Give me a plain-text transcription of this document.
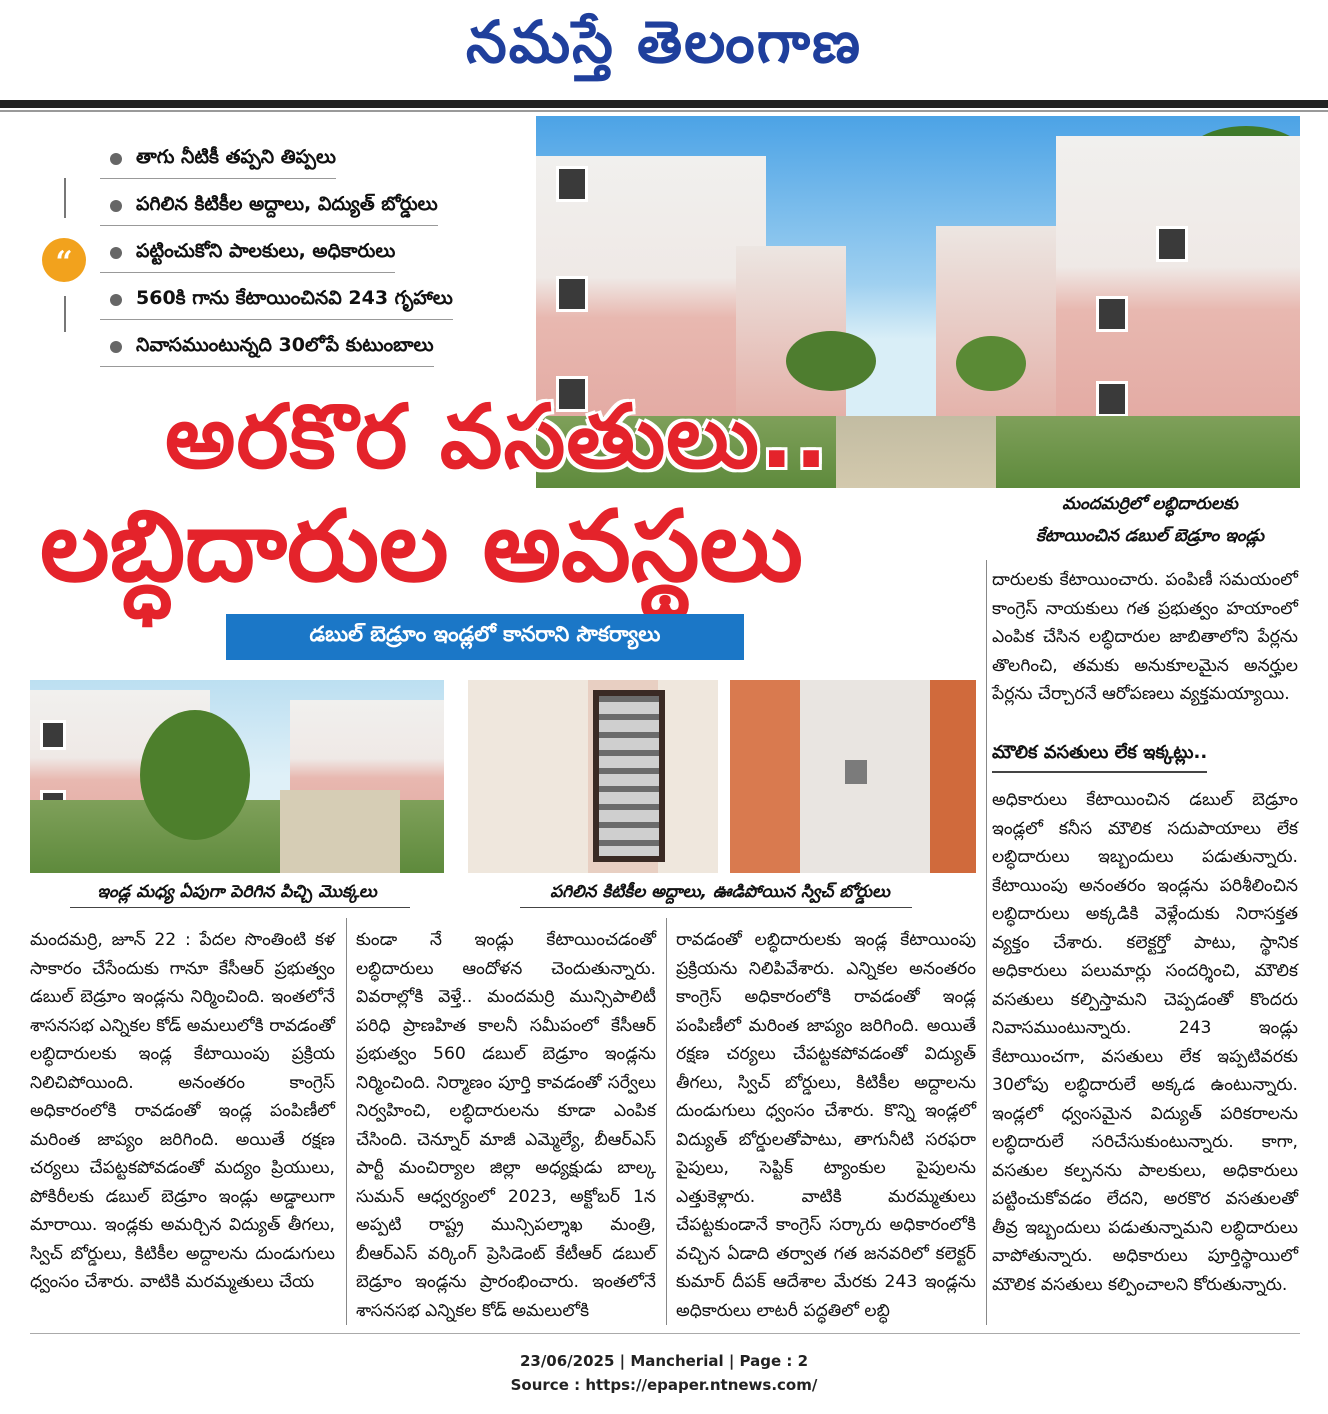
నమస్తే తెలంగాణ
“
తాగు నీటికీ తప్పని తిప్పలు
పగిలిన కిటికీల అద్దాలు, విద్యుత్ బోర్డులు
పట్టించుకోని పాలకులు, అధికారులు
560కి గాను కేటాయించినవి 243 గృహాలు
నివాసముంటున్నది 30లోపే కుటుంబాలు
మందమర్రిలో లబ్ధిదారులకు
కేటాయించిన డబుల్ బెడ్రూం ఇండ్లు
అరకొర వసతులు..
లబ్ధిదారుల అవస్థలు
డబుల్ బెడ్రూం ఇండ్లలో కానరాని సౌకర్యాలు
ఇండ్ల మధ్య ఏపుగా పెరిగిన పిచ్చి మొక్కలు	పగిలిన కిటికీల అద్దాలు, ఊడిపోయిన స్విచ్ బోర్డులు

దారులకు కేటాయించారు. పంపిణీ సమయంలో కాంగ్రెస్ నాయకులు గత ప్రభుత్వం హయాంలో ఎంపిక చేసిన లబ్ధిదారుల జాబితాలోని పేర్లను తొలగించి, తమకు అనుకూలమైన అనర్హుల పేర్లను చేర్చారనే ఆరోపణలు వ్యక్తమయ్యాయి.

మౌలిక వసతులు లేక ఇక్కట్లు..

అధికారులు కేటాయించిన డబుల్ బెడ్రూం ఇండ్లలో కనీస మౌలిక సదుపాయాలు లేక లబ్ధిదారులు ఇబ్బందులు పడుతున్నారు. కేటాయింపు అనంతరం ఇండ్లను పరిశీలించిన లబ్ధిదారులు అక్కడికి వెళ్లేందుకు నిరాసక్తత వ్యక్తం చేశారు. కలెక్టర్తో పాటు, స్థానిక అధికారులు పలుమార్లు సందర్శించి, మౌలిక వసతులు కల్పిస్తామని చెప్పడంతో కొందరు నివాసముంటున్నారు. 243 ఇండ్లు కేటాయించగా, వసతులు లేక ఇప్పటివరకు 30లోపు లబ్ధిదారులే అక్కడ ఉంటున్నారు. ఇండ్లలో ధ్వంసమైన విద్యుత్ పరికరాలను లబ్ధిదారులే సరిచేసుకుంటున్నారు. కాగా, వసతుల కల్పనను పాలకులు, అధికారులు పట్టించుకోవడం లేదని, అరకొర వసతులతో తీవ్ర ఇబ్బందులు పడుతున్నామని లబ్ధిదారులు వాపోతున్నారు. అధికారులు పూర్తిస్థాయిలో మౌలిక వసతులు కల్పించాలని కోరుతున్నారు.

మందమర్రి, జూన్ 22 : పేదల సొంతింటి కళ సాకారం చేసేందుకు గానూ కేసీఆర్ ప్రభుత్వం డబుల్ బెడ్రూం ఇండ్లను నిర్మించింది. ఇంతలోనే శాసనసభ ఎన్నికల కోడ్ అమలులోకి రావడంతో లబ్ధిదారులకు ఇండ్ల కేటాయింపు ప్రక్రియ నిలిచిపోయింది. అనంతరం కాంగ్రెస్ అధికారంలోకి రావడంతో ఇండ్ల పంపిణీలో మరింత జాప్యం జరిగింది. అయితే రక్షణ చర్యలు చేపట్టకపోవడంతో మద్యం ప్రియులు, పోకిరీలకు డబుల్ బెడ్రూం ఇండ్లు అడ్డాలుగా మారాయి. ఇండ్లకు అమర్చిన విద్యుత్ తీగలు, స్విచ్ బోర్డులు, కిటికీల అద్దాలను దుండుగులు ధ్వంసం చేశారు. వాటికి మరమ్మతులు చేయ

కుండా నే ఇండ్లు కేటాయించడంతో లబ్ధిదారులు ఆందోళన చెందుతున్నారు. వివరాల్లోకి వెళ్తే.. మందమర్రి మున్సిపాలిటీ పరిధి ప్రాణహిత కాలనీ సమీపంలో కేసీఆర్ ప్రభుత్వం 560 డబుల్ బెడ్రూం ఇండ్లను నిర్మించింది. నిర్మాణం పూర్తి కావడంతో సర్వేలు నిర్వహించి, లబ్ధిదారులను కూడా ఎంపిక చేసింది. చెన్నూర్ మాజీ ఎమ్మెల్యే, బీఆర్ఎస్ పార్టీ మంచిర్యాల జిల్లా అధ్యక్షుడు బాల్క సుమన్ ఆధ్వర్యంలో 2023, అక్టోబర్ 1న అప్పటి రాష్ట్ర మున్సిపల్శాఖ మంత్రి, బీఆర్ఎస్ వర్కింగ్ ప్రెసిడెంట్ కేటీఆర్ డబుల్ బెడ్రూం ఇండ్లను ప్రారంభించారు. ఇంతలోనే శాసనసభ ఎన్నికల కోడ్ అమలులోకి

రావడంతో లబ్ధిదారులకు ఇండ్ల కేటాయింపు ప్రక్రియను నిలిపివేశారు. ఎన్నికల అనంతరం కాంగ్రెస్ అధికారంలోకి రావడంతో ఇండ్ల పంపిణీలో మరింత జాప్యం జరిగింది. అయితే రక్షణ చర్యలు చేపట్టకపోవడంతో విద్యుత్ తీగలు, స్విచ్ బోర్డులు, కిటికీల అద్దాలను దుండుగులు ధ్వంసం చేశారు. కొన్ని ఇండ్లలో విద్యుత్ బోర్డులతోపాటు, తాగునీటి సరఫరా పైపులు, సెప్టిక్ ట్యాంకుల పైపులను ఎత్తుకెళ్లారు. వాటికి మరమ్మతులు చేపట్టకుండానే కాంగ్రెస్ సర్కారు అధికారంలోకి వచ్చిన ఏడాది తర్వాత గత జనవరిలో కలెక్టర్ కుమార్ దీపక్ ఆదేశాల మేరకు 243 ఇండ్లను అధికారులు లాటరీ పద్ధతిలో లబ్ధి

23/06/2025 | Mancherial | Page : 2
Source : https://epaper.ntnews.com/
